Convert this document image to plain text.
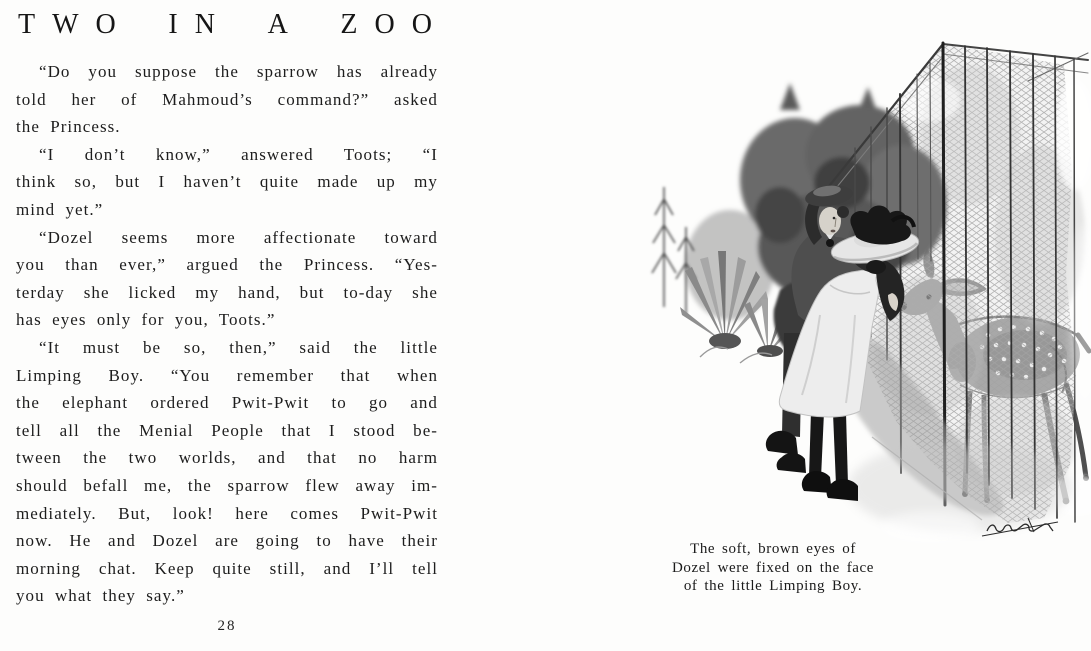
TWO IN A ZOO
“Do you suppose the sparrow has already
told her of Mahmoud’s command?” asked
the Princess.
“I don’t know,” answered Toots; “I
think so, but I haven’t quite made up my
mind yet.”
“Dozel seems more affectionate toward
you than ever,” argued the Princess. “Yes-
terday she licked my hand, but to-day she
has eyes only for you, Toots.”
“It must be so, then,” said the little
Limping Boy. “You remember that when
the elephant ordered Pwit-Pwit to go and
tell all the Menial People that I stood be-
tween the two worlds, and that no harm
should befall me, the sparrow flew away im-
mediately. But, look! here comes Pwit-Pwit
now. He and Dozel are going to have their
morning chat. Keep quite still, and I’ll tell
you what they say.”
28
The soft, brown eyes of
Dozel were fixed on the face
of the little Limping Boy.
